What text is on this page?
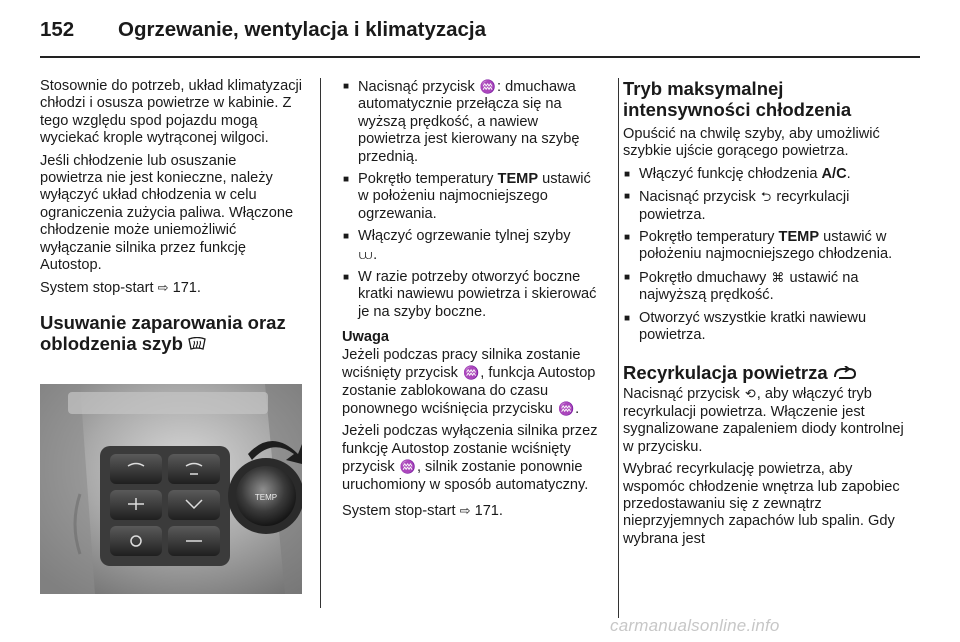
152 Ogrzewanie, wentylacja i klimatyzacja

Stosownie do potrzeb, układ klimatyzacji chłodzi i osusza powietrze w kabinie. Z tego względu spod pojazdu mogą wyciekać krople wytrąconej wilgoci.

Jeśli chłodzenie lub osuszanie powietrza nie jest konieczne, należy wyłączyć układ chłodzenia w celu ograniczenia zużycia paliwa. Włączone chłodzenie może uniemożliwić wyłączanie silnika przez funkcję Autostop.

System stop-start ⇨ 171.

Usuwanie zaparowania oraz oblodzenia szyb
TEMP
■ Nacisnąć przycisk ♒: dmuchawa automatycznie przełącza się na wyższą prędkość, a nawiew powietrza jest kierowany na szybę przednią.
■ Pokrętło temperatury TEMP ustawić w położeniu najmocniejszego ogrzewania.
■ Włączyć ogrzewanie tylnej szyby
⩊.
■ W razie potrzeby otworzyć boczne kratki nawiewu powietrza i skierować je na szyby boczne.
Uwaga

Jeżeli podczas pracy silnika zostanie wciśnięty przycisk ♒, funkcja Autostop zostanie zablokowana do czasu ponownego wciśnięcia przycisku ♒.

Jeżeli podczas wyłączenia silnika przez funkcję Autostop zostanie wciśnięty przycisk ♒, silnik zostanie ponownie uruchomiony w sposób automatyczny.

System stop-start ⇨ 171.

Tryb maksymalnej intensywności chłodzenia

Opuścić na chwilę szyby, aby umożliwić szybkie ujście gorącego powietrza.

■ Włączyć funkcję chłodzenia A/C.
■ Nacisnąć przycisk ⮌ recyrkulacji powietrza.
■ Pokrętło temperatury TEMP ustawić w położeniu najmocniejszego chłodzenia.
■ Pokrętło dmuchawy ⌘ ustawić na najwyższą prędkość.
■ Otworzyć wszystkie kratki nawiewu powietrza.
Recyrkulacja powietrza

Nacisnąć przycisk ⟲, aby włączyć tryb recyrkulacji powietrza. Włączenie jest sygnalizowane zapaleniem diody kontrolnej w przycisku.

Wybrać recyrkulację powietrza, aby wspomóc chłodzenie wnętrza lub zapobiec przedostawaniu się z zewnątrz nieprzyjemnych zapachów lub spalin. Gdy wybrana jest

carmanualsonline.info
